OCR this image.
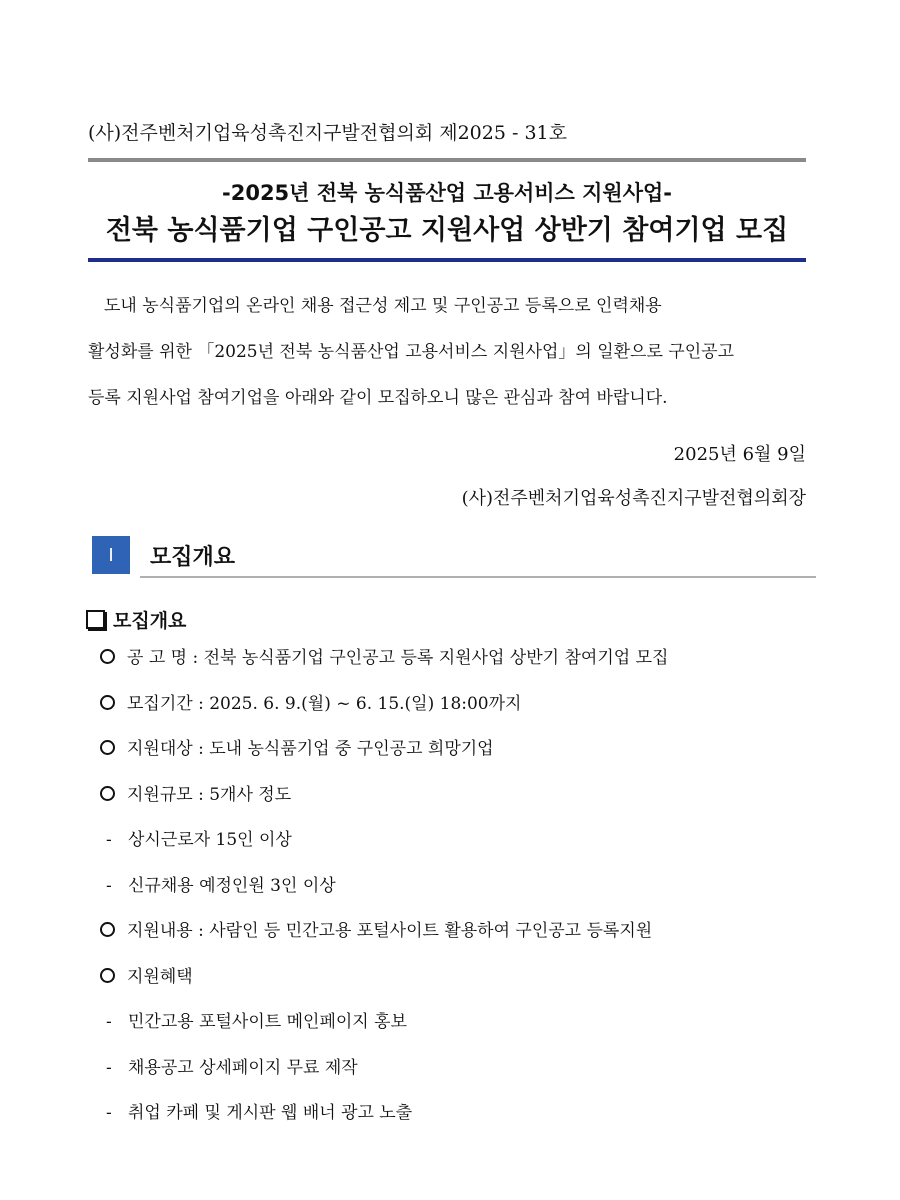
(사)전주벤처기업육성촉진지구발전협의회 제2025 - 31호
-2025년 전북 농식품산업 고용서비스 지원사업-
전북 농식품기업 구인공고 지원사업 상반기 참여기업 모집
도내 농식품기업의 온라인 채용 접근성 제고 및 구인공고 등록으로 인력채용
활성화를 위한 「2025년 전북 농식품산업 고용서비스 지원사업」의 일환으로 구인공고
등록 지원사업 참여기업을 아래와 같이 모집하오니 많은 관심과 참여 바랍니다.
2025년 6월 9일
(사)전주벤처기업육성촉진지구발전협의회장
Ⅰ	모집개요
모집개요
공 고 명 : 전북 농식품기업 구인공고 등록 지원사업 상반기 참여기업 모집
모집기간 : 2025. 6. 9.(월) ~ 6. 15.(일) 18:00까지
지원대상 : 도내 농식품기업 중 구인공고 희망기업
지원규모 : 5개사 정도
- 상시근로자 15인 이상
- 신규채용 예정인원 3인 이상
지원내용 : 사람인 등 민간고용 포털사이트 활용하여 구인공고 등록지원
지원혜택
- 민간고용 포털사이트 메인페이지 홍보
- 채용공고 상세페이지 무료 제작
- 취업 카페 및 게시판 웹 배너 광고 노출
